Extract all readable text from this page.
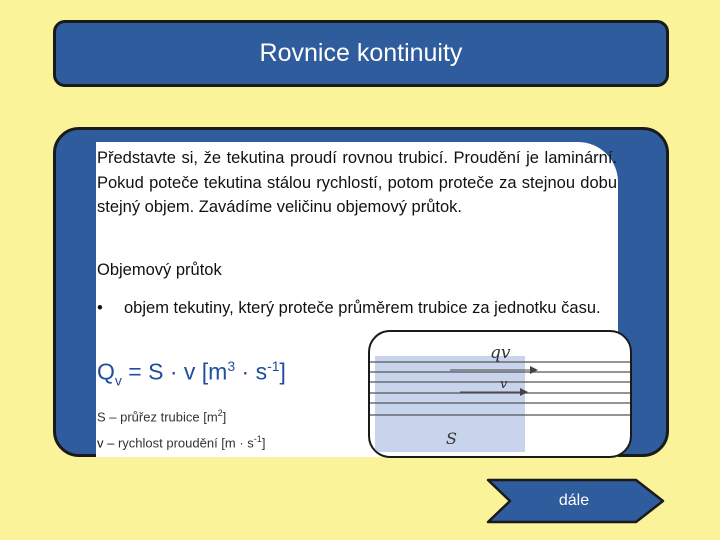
Rovnice kontinuity
Představte si, že tekutina proudí rovnou trubicí. Proudění je laminární. Pokud poteče tekutina stálou rychlostí, potom proteče za stejnou dobu stejný objem. Zavádíme veličinu objemový průtok.
Objemový průtok
• objem tekutiny, který proteče průměrem trubice za jednotku času.
$Q_v = S \cdot v$ $[m^3 \cdot s^{-1}]$
S – průřez trubice $[m^2]$
v – rychlost proudění $[m \cdot s^{-1}]$
qv
v
S
dále
